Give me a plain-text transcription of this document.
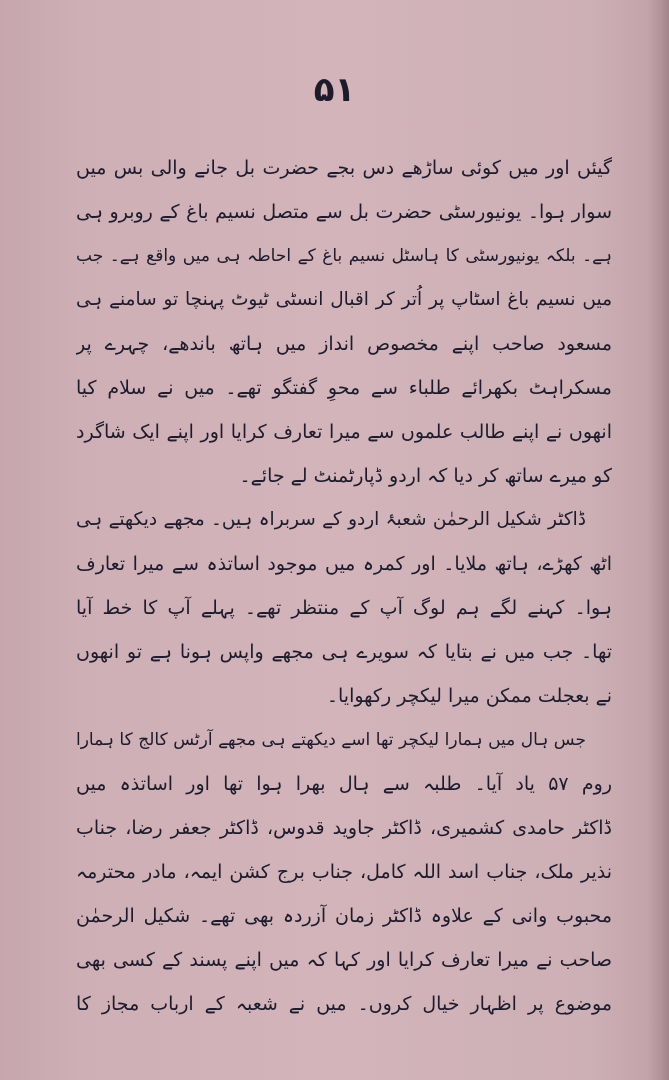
۵۱
گیئں اور میں کوئی ساڑھے دس بجے حضرت بل جانے والی بس میں
سوار ہوا۔ یونیورسٹی حضرت بل سے متصل نسیم باغ کے روبرو ہی
ہے۔ بلکہ یونیورسٹی کا ہاسٹل نسیم باغ کے احاطہ ہی میں واقع ہے۔ جب
میں نسیم باغ اسٹاپ پر اُتر کر اقبال انسٹی ٹیوٹ پہنچا تو سامنے ہی
مسعود صاحب اپنے مخصوص انداز میں ہاتھ باندھے، چہرے پر
مسکراہٹ بکھرائے طلباء سے محوِ گفتگو تھے۔ میں نے سلام کیا
انھوں نے اپنے طالب علموں سے میرا تعارف کرایا اور اپنے ایک شاگرد
کو میرے ساتھ کر دیا کہ اردو ڈپارٹمنٹ لے جائے۔
ڈاکٹر شکیل الرحمٰن شعبۂ اردو کے سربراہ ہیں۔ مجھے دیکھتے ہی
اٹھ کھڑے، ہاتھ ملایا۔ اور کمرہ میں موجود اساتذہ سے میرا تعارف
ہوا۔ کہنے لگے ہم لوگ آپ کے منتظر تھے۔ پہلے آپ کا خط آیا
تھا۔ جب میں نے بتایا کہ سویرے ہی مجھے واپس ہونا ہے تو انھوں
نے بعجلت ممکن میرا لیکچر رکھوایا۔
جس ہال میں ہمارا لیکچر تھا اسے دیکھتے ہی مجھے آرٹس کالج کا ہمارا
روم ۵۷ یاد آیا۔ طلبہ سے ہال بھرا ہوا تھا اور اساتذہ میں
ڈاکٹر حامدی کشمیری، ڈاکٹر جاوید قدوس، ڈاکٹر جعفر رضا، جناب
نذیر ملک، جناب اسد اللہ کامل، جناب برج کشن ایمہ، مادر محترمہ
محبوب وانی کے علاوہ ڈاکٹر زمان آزردہ بھی تھے۔ شکیل الرحمٰن
صاحب نے میرا تعارف کرایا اور کہا کہ میں اپنے پسند کے کسی بھی
موضوع پر اظہار خیال کروں۔ میں نے شعبہ کے ارباب مجاز کا
